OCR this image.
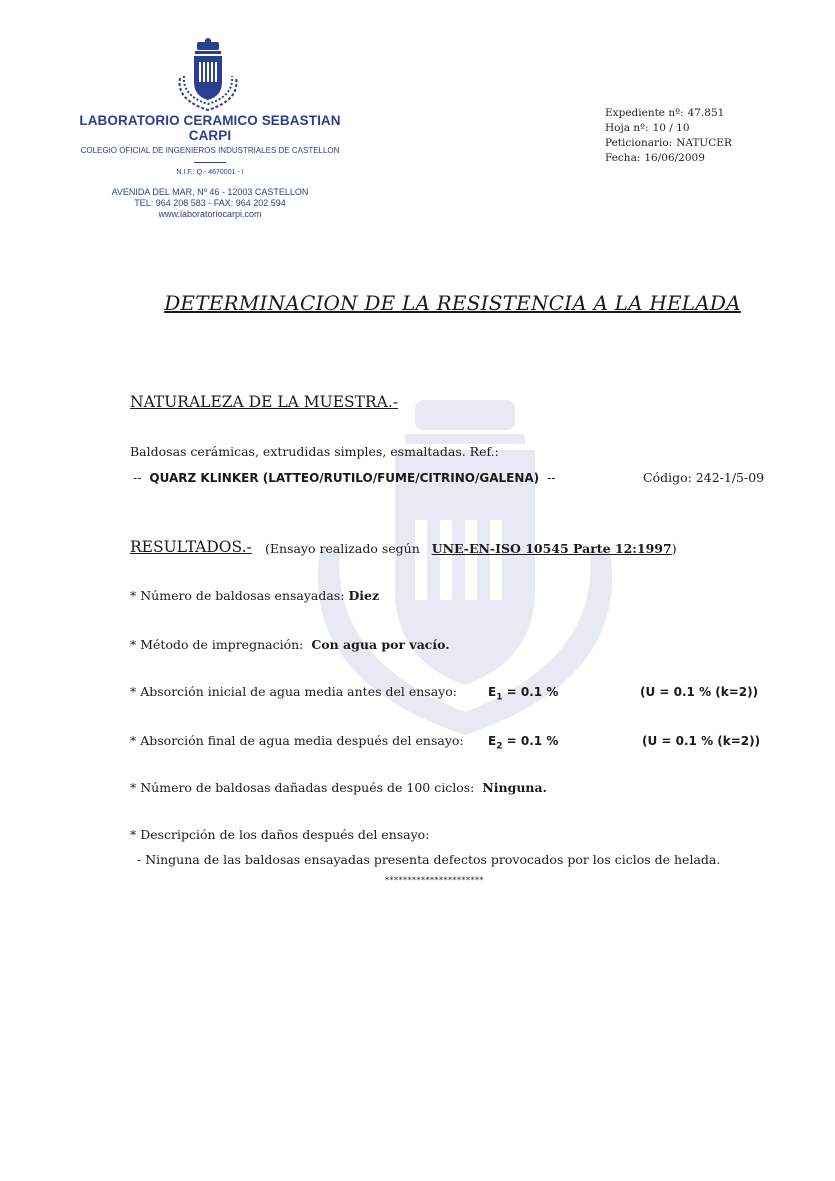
LABORATORIO CERAMICO SEBASTIAN CARPI
COLEGIO OFICIAL DE INGENIEROS INDUSTRIALES DE CASTELLON
N.I.F.: Q - 4670001 - I
AVENIDA DEL MAR, Nº 46 - 12003 CASTELLON
TEL: 964 208 583 - FAX: 964 202 594
www.laboratoriocarpi.com
Expediente nº: 47.851
Hoja nº: 10 / 10
Peticionario: NATUCER
Fecha: 16/06/2009
DETERMINACION DE LA RESISTENCIA A LA HELADA
NATURALEZA DE LA MUESTRA.-
Baldosas cerámicas, extrudidas simples, esmaltadas. Ref.:
-- QUARZ KLINKER (LATTEO/RUTILO/FUME/CITRINO/GALENA) --	Código: 242-1/5-09
RESULTADOS.- (Ensayo realizado según UNE-EN-ISO 10545 Parte 12:1997)
* Número de baldosas ensayadas: Diez
* Método de impregnación: Con agua por vacío.
* Absorción inicial de agua media antes del ensayo:	$E_1 = 0.1$ %	(U = 0.1 % (k=2))
* Absorción final de agua media después del ensayo: $E_2 = 0.1$ %	(U = 0.1 % (k=2))
* Número de baldosas dañadas después de 100 ciclos: Ninguna.
* Descripción de los daños después del ensayo:
- Ninguna de las baldosas ensayadas presenta defectos provocados por los ciclos de helada.
**********************
